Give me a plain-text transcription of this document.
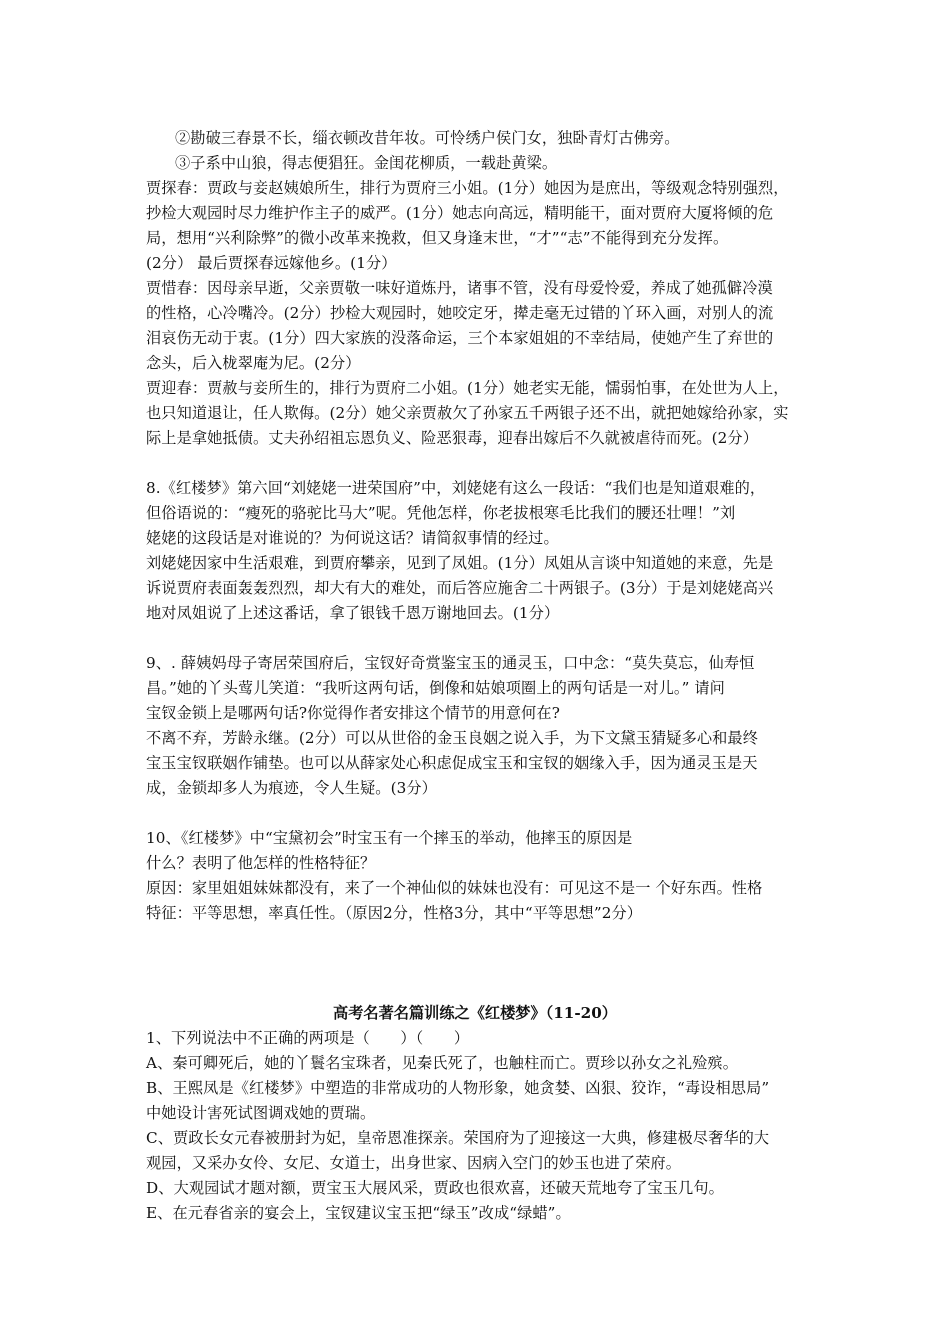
②勘破三春景不长，缁衣顿改昔年妆。可怜绣户侯门女，独卧青灯古佛旁。
③子系中山狼，得志便猖狂。金闺花柳质，一载赴黄梁。
贾探春：贾政与妾赵姨娘所生，排行为贾府三小姐。(1分）她因为是庶出，等级观念特别强烈，
抄检大观园时尽力维护作主子的威严。(1分）她志向高远，精明能干，面对贾府大厦将倾的危
局，想用“兴利除弊”的微小改革来挽救，但又身逢末世，“才”“志”不能得到充分发挥。
(2分） 最后贾探春远嫁他乡。(1分）
贾惜春：因母亲早逝，父亲贾敬一味好道炼丹，诸事不管，没有母爱怜爱，养成了她孤僻冷漠
的性格，心冷嘴冷。(2分）抄检大观园时，她咬定牙，撵走毫无过错的丫环入画，对别人的流
泪哀伤无动于衷。(1分）四大家族的没落命运，三个本家姐姐的不幸结局，使她产生了弃世的
念头，后入栊翠庵为尼。(2分）
贾迎春：贾赦与妾所生的，排行为贾府二小姐。(1分）她老实无能，懦弱怕事，在处世为人上，
也只知道退让，任人欺侮。(2分）她父亲贾赦欠了孙家五千两银子还不出，就把她嫁给孙家，实
际上是拿她抵债。丈夫孙绍祖忘恩负义、险恶狠毒，迎春出嫁后不久就被虐待而死。(2分）
8.《红楼梦》第六回“刘姥姥一进荣国府”中，刘姥姥有这么一段话：“我们也是知道艰难的，
但俗语说的：“瘦死的骆驼比马大”呢。凭他怎样，你老拔根寒毛比我们的腰还壮哩！”刘
姥姥的这段话是对谁说的？为何说这话？请简叙事情的经过。
刘姥姥因家中生活艰难，到贾府攀亲，见到了凤姐。(1分）凤姐从言谈中知道她的来意，先是
诉说贾府表面轰轰烈烈，却大有大的难处，而后答应施舍二十两银子。(3分）于是刘姥姥高兴
地对凤姐说了上述这番话，拿了银钱千恩万谢地回去。(1分）
9、. 薛姨妈母子寄居荣国府后，宝钗好奇赏鉴宝玉的通灵玉，口中念：“莫失莫忘，仙寿恒
昌。”她的丫头莺儿笑道：“我听这两句话，倒像和姑娘项圈上的两句话是一对儿。” 请问
宝钗金锁上是哪两句话?你觉得作者安排这个情节的用意何在?
不离不弃，芳龄永继。(2分）可以从世俗的金玉良姻之说入手，为下文黛玉猜疑多心和最终
宝玉宝钗联姻作铺垫。也可以从薛家处心积虑促成宝玉和宝钗的姻缘入手，因为通灵玉是天
成，金锁却多人为痕迹，令人生疑。(3分）
10、《红楼梦》中“宝黛初会”时宝玉有一个摔玉的举动，他摔玉的原因是
什么？表明了他怎样的性格特征？
原因：家里姐姐妹妹都没有，来了一个神仙似的妹妹也没有：可见这不是一 个好东西。性格
特征：平等思想，率真任性。（原因2分，性格3分，其中“平等思想”2分）
高考名著名篇训练之《红楼梦》（11-20）
1、下列说法中不正确的两项是（　　）（　　）
A、秦可卿死后，她的丫鬟名宝珠者，见秦氏死了，也触柱而亡。贾珍以孙女之礼殓殡。
B、王熙凤是《红楼梦》中塑造的非常成功的人物形象，她贪婪、凶狠、狡诈，“毒设相思局”
中她设计害死试图调戏她的贾瑞。
C、贾政长女元春被册封为妃，皇帝恩准探亲。荣国府为了迎接这一大典，修建极尽奢华的大
观园，又采办女伶、女尼、女道士，出身世家、因病入空门的妙玉也进了荣府。
D、大观园试才题对额，贾宝玉大展风采，贾政也很欢喜，还破天荒地夸了宝玉几句。
E、在元春省亲的宴会上，宝钗建议宝玉把“绿玉”改成“绿蜡”。
